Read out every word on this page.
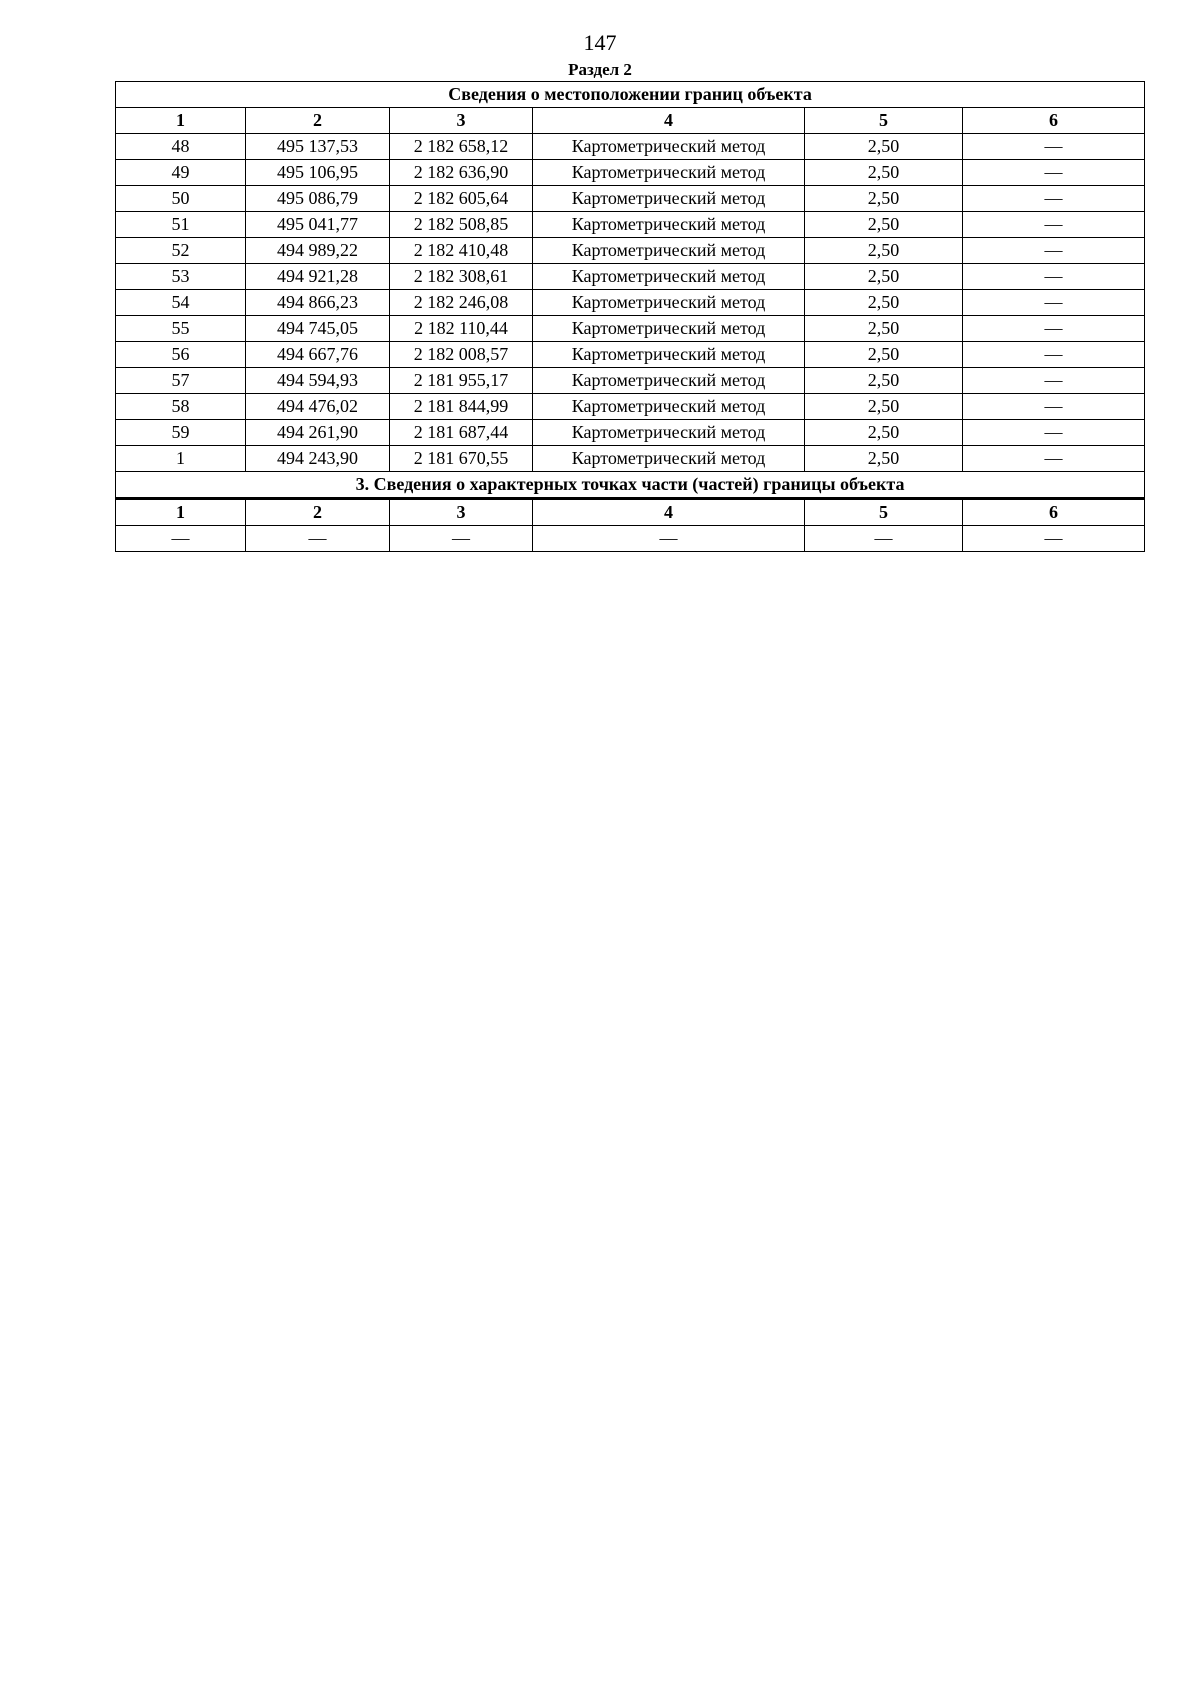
147
Раздел 2
Сведения о местоположении границ объекта					
1	2	3	4	5	6
48	495 137,53	2 182 658,12	Картометрический метод	2,50	—
49	495 106,95	2 182 636,90	Картометрический метод	2,50	—
50	495 086,79	2 182 605,64	Картометрический метод	2,50	—
51	495 041,77	2 182 508,85	Картометрический метод	2,50	—
52	494 989,22	2 182 410,48	Картометрический метод	2,50	—
53	494 921,28	2 182 308,61	Картометрический метод	2,50	—
54	494 866,23	2 182 246,08	Картометрический метод	2,50	—
55	494 745,05	2 182 110,44	Картометрический метод	2,50	—
56	494 667,76	2 182 008,57	Картометрический метод	2,50	—
57	494 594,93	2 181 955,17	Картометрический метод	2,50	—
58	494 476,02	2 181 844,99	Картометрический метод	2,50	—
59	494 261,90	2 181 687,44	Картометрический метод	2,50	—
1	494 243,90	2 181 670,55	Картометрический метод	2,50	—
3. Сведения о характерных точках части (частей) границы объекта					
1	2	3	4	5	6
—	—	—	—	—	—
